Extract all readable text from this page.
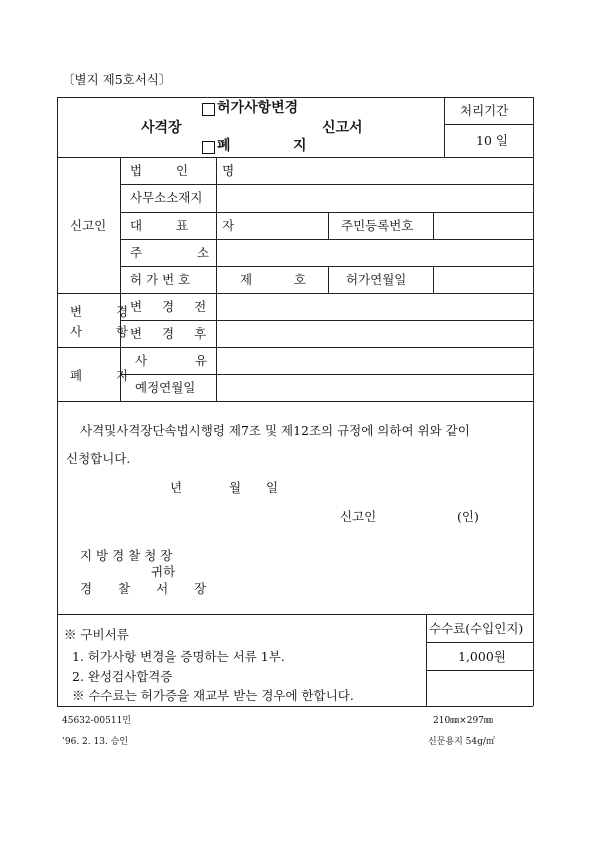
〔별지 제5호서식〕
허가사항변경
사격장	신고서
폐	지
처리기간
10 일
신고인
법 인 명
사무소소재지
대 표 자	주민등록번호
주	소
허 가 번 호	제	호	허가연월일
변 경
사 항
변 경 전
변 경 후
폐 지
사	유
예정연월일
사격및사격장단속법시행령 제7조 및 제12조의 규정에 의하여 위와 같이
신청합니다.
년	월 일
신고인	(인)
지 방 경 찰 청 장
귀하
경 찰 서 장
※ 구비서류
1. 허가사항 변경을 증명하는 서류 1부.
2. 완성검사합격증
※ 수수료는 허가증을 재교부 받는 경우에 한합니다.
수수료(수입인지)
1,000원
45632-00511민
’96. 2. 13. 승인
210㎜×297㎜
신문용지 54g/㎡
